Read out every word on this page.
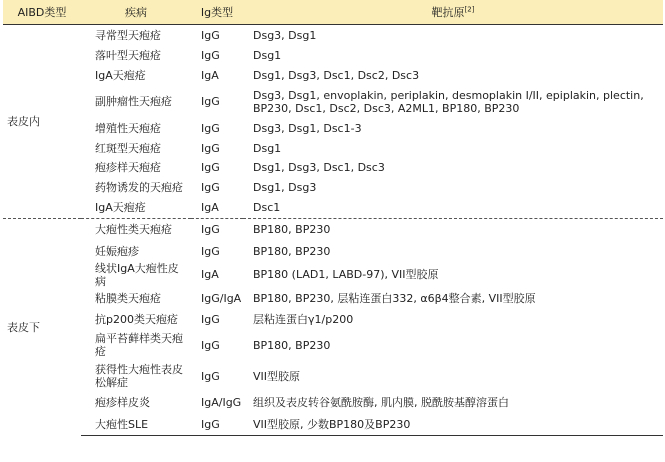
AIBD类型	疾病	Ig类型	靶抗原[2]
表皮内	寻常型天疱疮	IgG	Dsg3, Dsg1
	落叶型天疱疮	IgG	Dsg1
	IgA天疱疮	IgA	Dsg1, Dsg3, Dsc1, Dsc2, Dsc3
	副肿瘤性天疱疮	IgG	Dsg3, Dsg1, envoplakin, periplakin, desmoplakin I/II, epiplakin, plectin, BP230, Dsc1, Dsc2, Dsc3, A2ML1, BP180, BP230
	增殖性天疱疮	IgG	Dsg3, Dsg1, Dsc1-3
	红斑型天疱疮	IgG	Dsg1
	疱疹样天疱疮	IgG	Dsg1, Dsg3, Dsc1, Dsc3
	药物诱发的天疱疮	IgG	Dsg1, Dsg3
	IgA天疱疮	IgA	Dsc1
表皮下	大疱性类天疱疮	IgG	BP180, BP230
	妊娠疱疹	IgG	BP180, BP230
	线状IgA大疱性皮病	IgA	BP180 (LAD1, LABD-97), VII型胶原
	粘膜类天疱疮	IgG/IgA	BP180, BP230, 层粘连蛋白332, α6β4整合素, VII型胶原
	抗p200类天疱疮	IgG	层粘连蛋白γ1/p200
	扁平苔藓样类天疱疮	IgG	BP180, BP230
	获得性大疱性表皮松解症	IgG	VII型胶原
	疱疹样皮炎	IgA/IgG	组织及表皮转谷氨酰胺酶, 肌内膜, 脱酰胺基醇溶蛋白
	大疱性SLE	IgG	VII型胶原, 少数BP180及BP230
